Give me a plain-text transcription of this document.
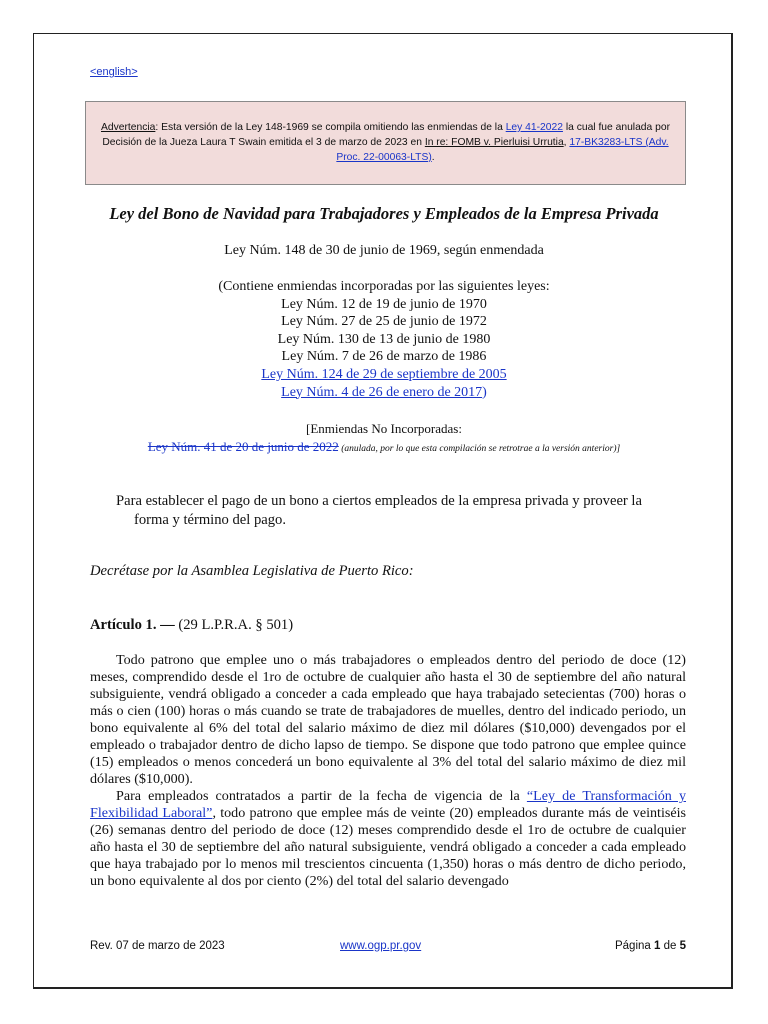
<english>
Advertencia: Esta versión de la Ley 148-1969 se compila omitiendo las enmiendas de la Ley 41-2022 la cual fue anulada por Decisión de la Jueza Laura T Swain emitida el 3 de marzo de 2023 en In re: FOMB v. Pierluisi Urrutia, 17-BK3283-LTS (Adv. Proc. 22-00063-LTS).
Ley del Bono de Navidad para Trabajadores y Empleados de la Empresa Privada
Ley Núm. 148 de 30 de junio de 1969, según enmendada
(Contiene enmiendas incorporadas por las siguientes leyes:
Ley Núm. 12 de 19 de junio de 1970
Ley Núm. 27 de 25 de junio de 1972
Ley Núm. 130 de 13 de junio de 1980
Ley Núm. 7 de 26 de marzo de 1986
Ley Núm. 124 de 29 de septiembre de 2005
Ley Núm. 4 de 26 de enero de 2017)
[Enmiendas No Incorporadas:
Ley Núm. 41 de 20 de junio de 2022 (anulada, por lo que esta compilación se retrotrae a la versión anterior)]
Para establecer el pago de un bono a ciertos empleados de la empresa privada y proveer la
forma y término del pago.
Decrétase por la Asamblea Legislativa de Puerto Rico:
Artículo 1. — (29 L.P.R.A. § 501)

Todo patrono que emplee uno o más trabajadores o empleados dentro del periodo de doce (12) meses, comprendido desde el 1ro de octubre de cualquier año hasta el 30 de septiembre del año natural subsiguiente, vendrá obligado a conceder a cada empleado que haya trabajado setecientas (700) horas o más o cien (100) horas o más cuando se trate de trabajadores de muelles, dentro del indicado periodo, un bono equivalente al 6% del total del salario máximo de diez mil dólares ($10,000) devengados por el empleado o trabajador dentro de dicho lapso de tiempo. Se dispone que todo patrono que emplee quince (15) empleados o menos concederá un bono equivalente al 3% del total del salario máximo de diez mil dólares ($10,000).

Para empleados contratados a partir de la fecha de vigencia de la “Ley de Transformación y Flexibilidad Laboral”, todo patrono que emplee más de veinte (20) empleados durante más de veintiséis (26) semanas dentro del periodo de doce (12) meses comprendido desde el 1ro de octubre de cualquier año hasta el 30 de septiembre del año natural subsiguiente, vendrá obligado a conceder a cada empleado que haya trabajado por lo menos mil trescientos cincuenta (1,350) horas o más dentro de dicho periodo, un bono equivalente al dos por ciento (2%) del total del salario devengado

Rev. 07 de marzo de 2023	www.ogp.pr.gov	Página 1 de 5
